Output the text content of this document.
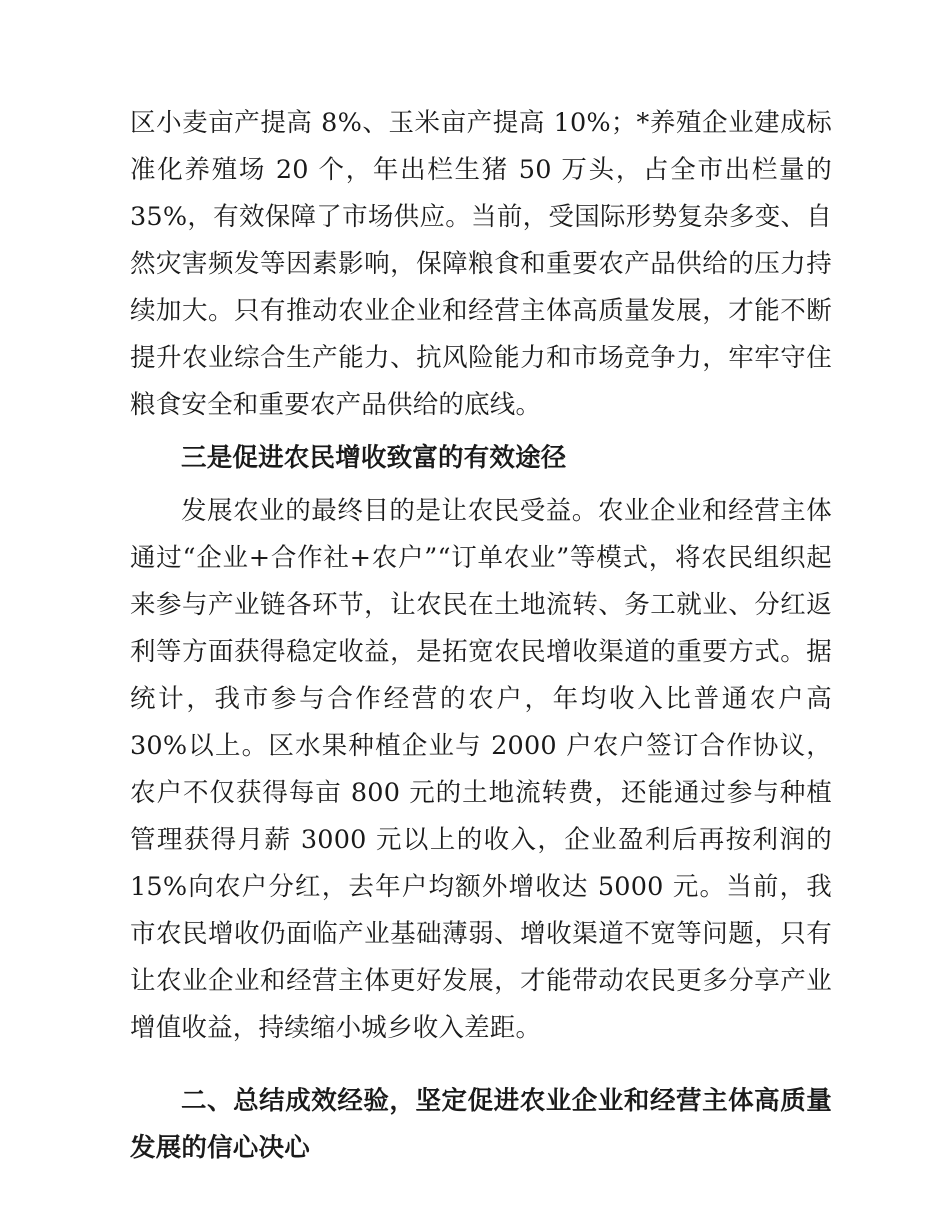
区小麦亩产提高 8%、玉米亩产提高 10%；*养殖企业建成标准化养殖场 20 个，年出栏生猪 50 万头，占全市出栏量的 35%，有效保障了市场供应。当前，受国际形势复杂多变、自然灾害频发等因素影响，保障粮食和重要农产品供给的压力持续加大。只有推动农业企业和经营主体高质量发展，才能不断提升农业综合生产能力、抗风险能力和市场竞争力，牢牢守住粮食安全和重要农产品供给的底线。

三是促进农民增收致富的有效途径

发展农业的最终目的是让农民受益。农业企业和经营主体通过“企业+合作社+农户”“订单农业”等模式，将农民组织起来参与产业链各环节，让农民在土地流转、务工就业、分红返利等方面获得稳定收益，是拓宽农民增收渠道的重要方式。据统计，我市参与合作经营的农户，年均收入比普通农户高 30%以上。区水果种植企业与 2000 户农户签订合作协议，农户不仅获得每亩 800 元的土地流转费，还能通过参与种植管理获得月薪 3000 元以上的收入，企业盈利后再按利润的 15%向农户分红，去年户均额外增收达 5000 元。当前，我市农民增收仍面临产业基础薄弱、增收渠道不宽等问题，只有让农业企业和经营主体更好发展，才能带动农民更多分享产业增值收益，持续缩小城乡收入差距。

二、总结成效经验，坚定促进农业企业和经营主体高质量发展的信心决心
